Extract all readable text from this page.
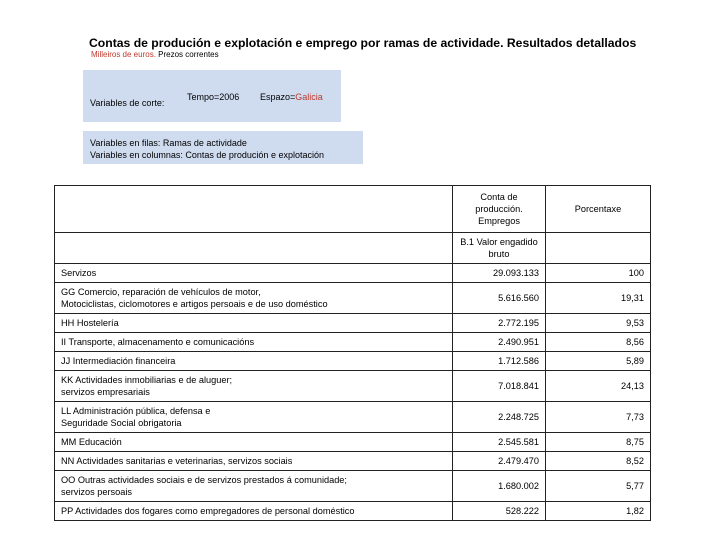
Contas de produción e explotación e emprego por ramas de actividade. Resultados detallados
Milleiros de euros. Prezos correntes
Variables de corte:
Tempo=2006 Espazo=Galicia
Variables en filas: Ramas de actividade
Variables en columnas: Contas de produción e explotación
	Conta de
producción.
Empregos	Porcentaxe
	B.1 Valor engadido
bruto	
Servizos	29.093.133	100
GG Comercio, reparación de vehículos de motor,
Motociclistas, ciclomotores e artigos persoais e de uso doméstico	5.616.560	19,31
HH Hostelería	2.772.195	9,53
II Transporte, almacenamento e comunicacións	2.490.951	8,56
JJ Intermediación financeira	1.712.586	5,89
KK Actividades inmobiliarias e de aluguer;
servizos empresariais	7.018.841	24,13
LL Administración pública, defensa e
Seguridade Social obrigatoria	2.248.725	7,73
MM Educación	2.545.581	8,75
NN Actividades sanitarias e veterinarias, servizos sociais	2.479.470	8,52
OO Outras actividades sociais e de servizos prestados á comunidade;
servizos persoais	1.680.002	5,77
PP Actividades dos fogares como empregadores de personal doméstico	528.222	1,82
